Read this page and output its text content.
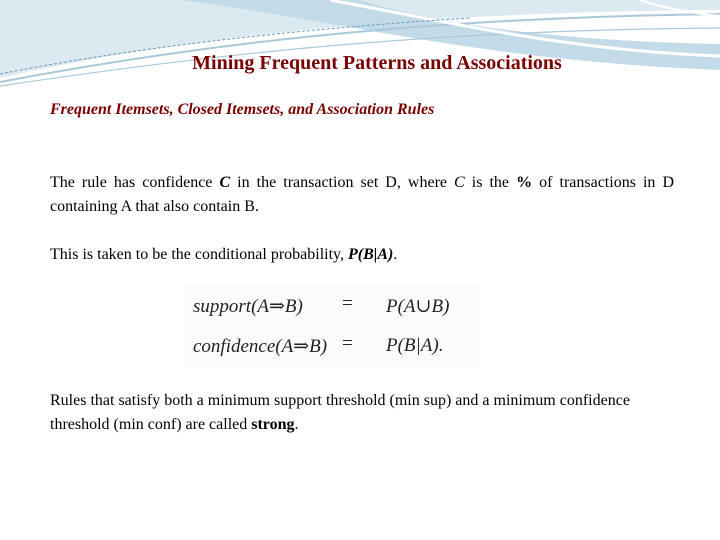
Mining Frequent Patterns and Associations

Frequent Itemsets, Closed Itemsets, and Association Rules

The rule has confidence C in the transaction set D, where C is the % of transactions in D containing A that also contain B.

This is taken to be the conditional probability, P(B|A).

support(A⇒B) = P(A∪B)
confidence(A⇒B) = P(B|A).

Rules that satisfy both a minimum support threshold (min sup) and a minimum confidence threshold (min conf) are called strong.
